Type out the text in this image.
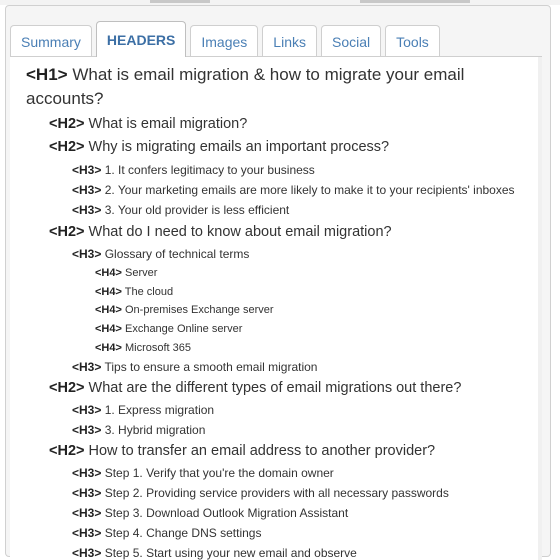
Summary	HEADERS	Images	Links	Social	Tools
<H1> What is email migration & how to migrate your email accounts?
<H2> What is email migration?
<H2> Why is migrating emails an important process?
<H3> 1. It confers legitimacy to your business
<H3> 2. Your marketing emails are more likely to make it to your recipients' inboxes
<H3> 3. Your old provider is less efficient
<H2> What do I need to know about email migration?
<H3> Glossary of technical terms
<H4> Server
<H4> The cloud
<H4> On-premises Exchange server
<H4> Exchange Online server
<H4> Microsoft 365
<H3> Tips to ensure a smooth email migration
<H2> What are the different types of email migrations out there?
<H3> 1. Express migration
<H3> 3. Hybrid migration
<H2> How to transfer an email address to another provider?
<H3> Step 1. Verify that you're the domain owner
<H3> Step 2. Providing service providers with all necessary passwords
<H3> Step 3. Download Outlook Migration Assistant
<H3> Step 4. Change DNS settings
<H3> Step 5. Start using your new email and observe
